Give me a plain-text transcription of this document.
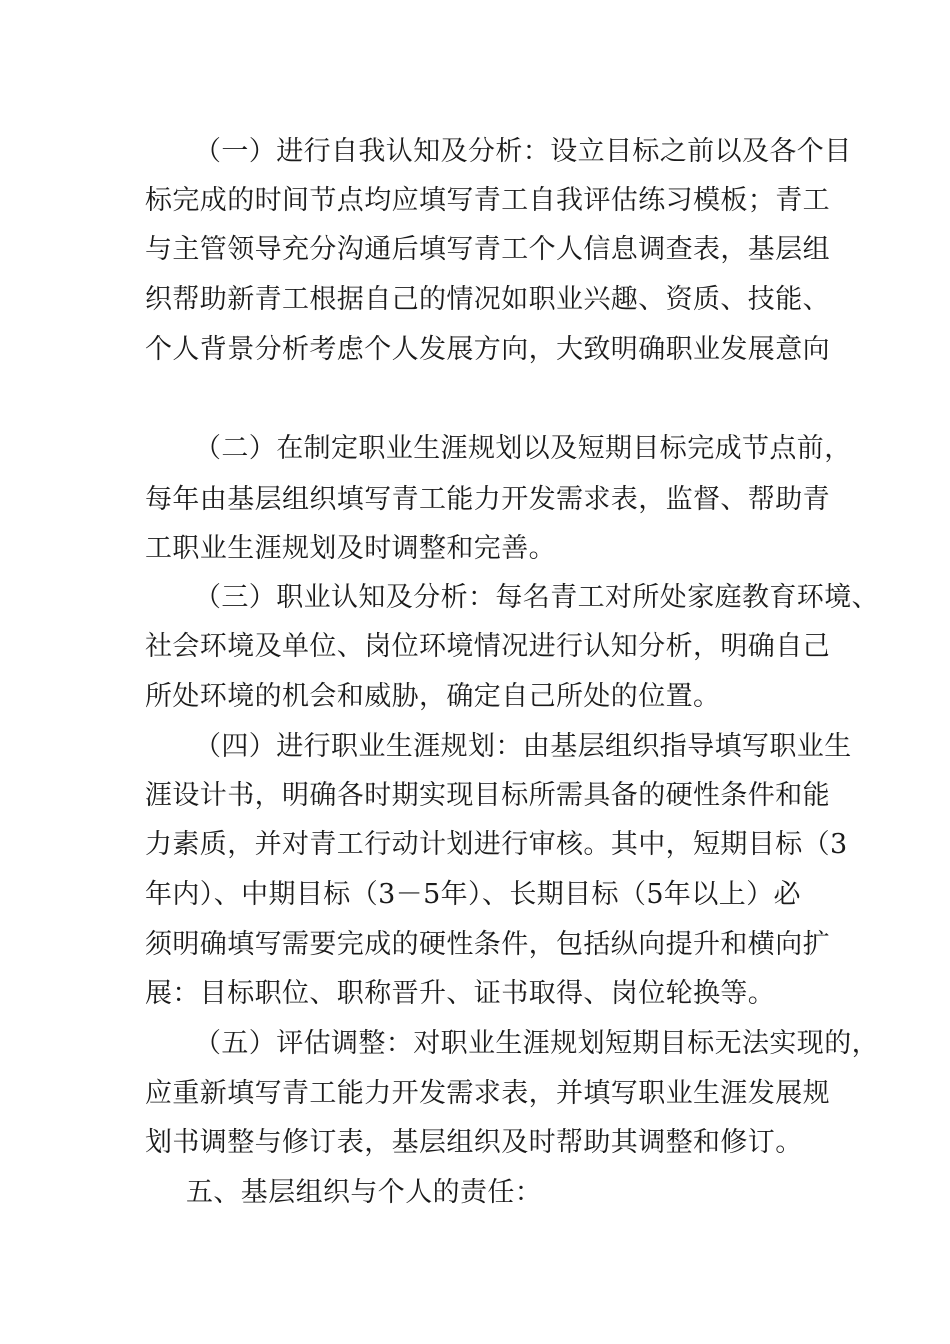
（一）进行自我认知及分析：设立目标之前以及各个目

标完成的时间节点均应填写青工自我评估练习模板；青工

与主管领导充分沟通后填写青工个人信息调查表，基层组

织帮助新青工根据自己的情况如职业兴趣、资质、技能、

个人背景分析考虑个人发展方向，大致明确职业发展意向

（二）在制定职业生涯规划以及短期目标完成节点前，

每年由基层组织填写青工能力开发需求表，监督、帮助青

工职业生涯规划及时调整和完善。

（三）职业认知及分析：每名青工对所处家庭教育环境、

社会环境及单位、岗位环境情况进行认知分析，明确自己

所处环境的机会和威胁，确定自己所处的位置。

（四）进行职业生涯规划：由基层组织指导填写职业生

涯设计书，明确各时期实现目标所需具备的硬性条件和能

力素质，并对青工行动计划进行审核。其中，短期目标（3

年内）、中期目标（3－5年）、长期目标（5年以上）必

须明确填写需要完成的硬性条件，包括纵向提升和横向扩

展：目标职位、职称晋升、证书取得、岗位轮换等。

（五）评估调整：对职业生涯规划短期目标无法实现的，

应重新填写青工能力开发需求表，并填写职业生涯发展规

划书调整与修订表，基层组织及时帮助其调整和修订。

五、基层组织与个人的责任：
